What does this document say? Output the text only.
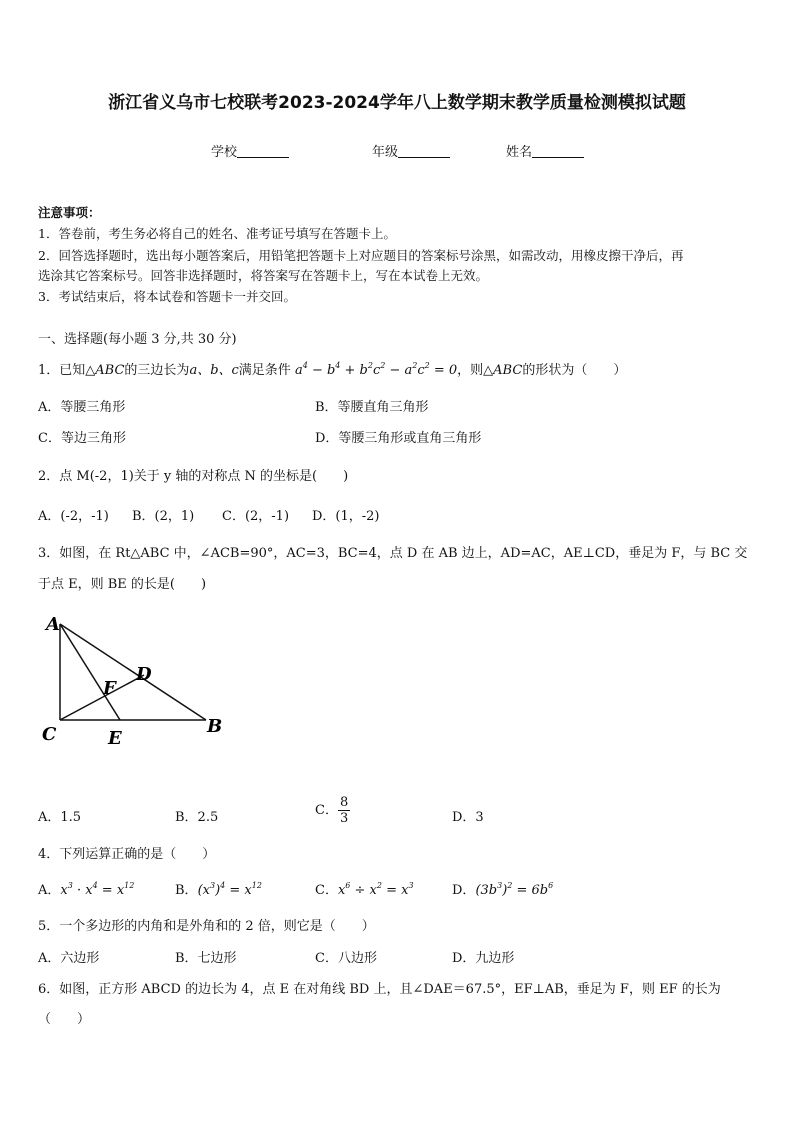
浙江省义乌市七校联考2023-2024学年八上数学期末教学质量检测模拟试题
学校	年级	姓名
注意事项：
1．答卷前，考生务必将自己的姓名、准考证号填写在答题卡上。
2．回答选择题时，选出每小题答案后，用铅笔把答题卡上对应题目的答案标号涂黑，如需改动，用橡皮擦干净后，再
选涂其它答案标号。回答非选择题时，将答案写在答题卡上，写在本试卷上无效。
3．考试结束后，将本试卷和答题卡一并交回。
一、选择题(每小题 3 分,共 30 分)
1．已知△ABC的三边长为a、b、c满足条件 $a^4 - b^4 + b^2c^2 - a^2c^2 = 0$，则△ABC的形状为（　　）
A．等腰三角形	B．等腰直角三角形
C．等边三角形	D．等腰三角形或直角三角形
2．点 M(-2，1)关于 y 轴的对称点 N 的坐标是(　　)
A．(-2，-1) B．(2，1) C．(2，-1) D．(1，-2)
3．如图，在 Rt△ABC 中，∠ACB=90°，AC=3，BC=4，点 D 在 AB 边上，AD=AC，AE⊥CD，垂足为 F，与 BC 交
于点 E，则 BE 的长是(　　)
A
D
F
C	E
B
A．1.5	B．2.5	C． $\frac{8}{3}$	D．3
4．下列运算正确的是（　　）
A．$x^3 \cdot x^4 = x^{12}$	B．$(x^3)^4 = x^{12}$	C．$x^6 \div x^2 = x^3$	D．$(3b^3)^2 = 6b^6$
5．一个多边形的内角和是外角和的 2 倍，则它是（　　）
A．六边形	B．七边形	C．八边形	D．九边形
6．如图，正方形 ABCD 的边长为 4，点 E 在对角线 BD 上，且∠DAE＝67.5°，EF⊥AB，垂足为 F，则 EF 的长为
（　　）
